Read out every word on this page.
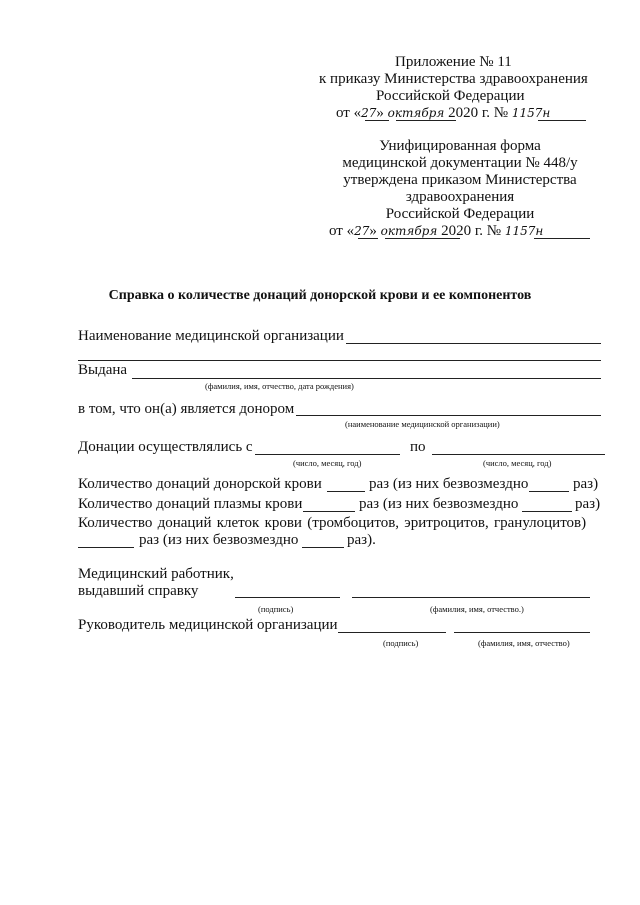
Приложение № 11
к приказу Министерства здравоохранения
Российской Федерации
от «27» октября 2020 г. № 1157н
Унифицированная форма
медицинской документации № 448/у
утверждена приказом Министерства
здравоохранения
Российской Федерации
от «27» октября 2020 г. № 1157н
Справка о количестве донаций донорской крови и ее компонентов
Наименование медицинской организации
Выдана
(фамилия, имя, отчество, дата рождения)
в том, что он(а) является донором
(наименование медицинской организации)
Донации осуществлялись с	по
(число, месяц, год)	(число, месяц, год)
Количество донаций донорской крови	раз (из них безвозмездно	раз)
Количество донаций плазмы крови	раз (из них безвозмездно	раз)
Количество донаций клеток крови (тромбоцитов, эритроцитов, гранулоцитов)
раз (из них безвозмездно	раз).
Медицинский работник,
выдавший справку
(подпись)	(фамилия, имя, отчество.)
Руководитель медицинской организации
(подпись)	(фамилия, имя, отчество)
